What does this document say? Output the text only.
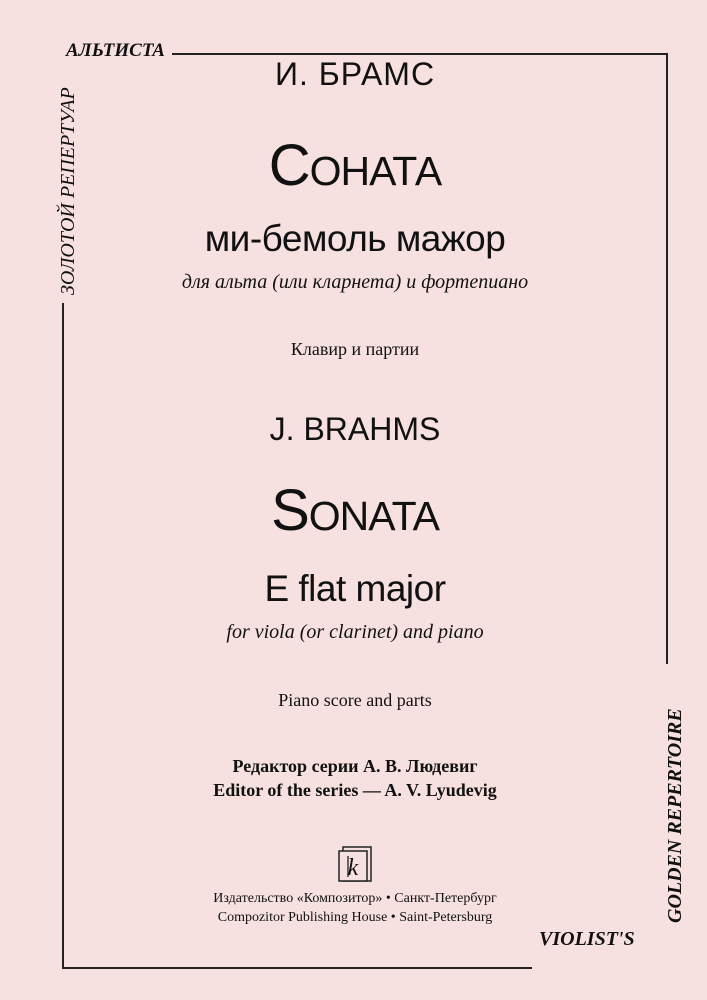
АЛЬТИСТА
ЗОЛОТОЙ РЕПЕРТУАР
GOLDEN REPERTOIRE
VIOLIST'S
И. БРАМС
Соната
ми-бемоль мажор
для альта (или кларнета) и фортепиано
Клавир и партии
J. BRAHMS
Sonata
E flat major
for viola (or clarinet) and piano
Piano score and parts
Редактор серии А. В. Людевиг
Editor of the series — A. V. Lyudevig
k
Издательство «Композитор» • Санкт-Петербург
Compozitor Publishing House • Saint-Petersburg
